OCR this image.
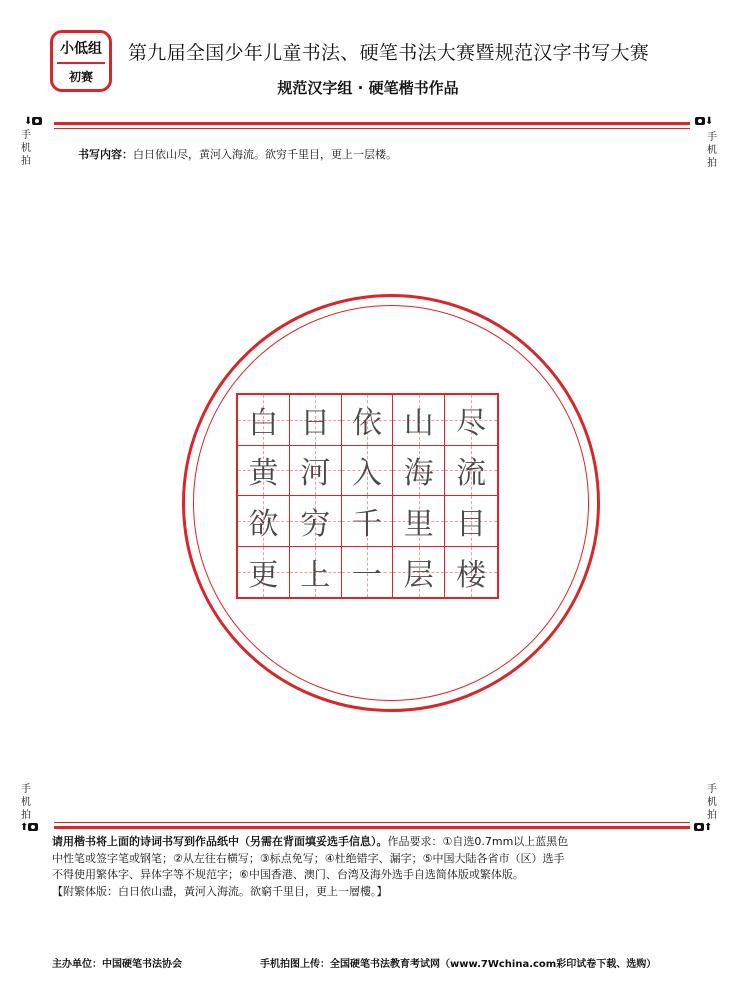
小低组
初赛
第九届全国少年儿童书法、硬笔书法大赛暨规范汉字书写大赛
规范汉字组 · 硬笔楷书作品
⬇
手
机
拍
⬇
手
机
拍
书写内容：白日依山尽，黄河入海流。欲穷千里目，更上一层楼。
白 日 依 山 尽
黄 河 入 海 流
欲 穷 千 里 目
更 上 一 层 楼
手
机
拍
⬆
手
机
拍
⬆

请用楷书将上面的诗词书写到作品纸中（另需在背面填妥选手信息）。作品要求：①自选0.7mm以上蓝黑色

中性笔或签字笔或钢笔；②从左往右横写；③标点免写；④杜绝错字、漏字；⑤中国大陆各省市（区）选手

不得使用繁体字、异体字等不规范字；⑥中国香港、澳门、台湾及海外选手自选简体版或繁体版。

【附繁体版：白日依山盡，黃河入海流。欲窮千里目，更上一層樓。】

主办单位：中国硬笔书法协会	手机拍图上传：全国硬笔书法教育考试网（www.7Wchina.com彩印试卷下载、选购）
